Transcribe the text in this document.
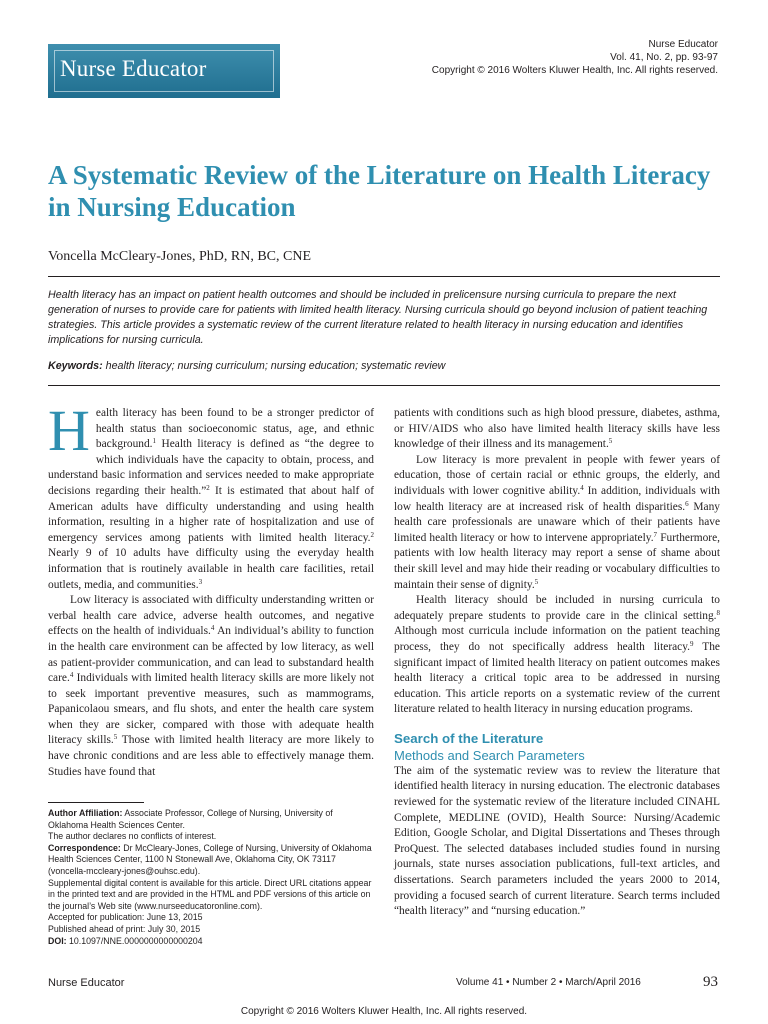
Nurse Educator
Nurse Educator
Vol. 41, No. 2, pp. 93-97
Copyright © 2016 Wolters Kluwer Health, Inc. All rights reserved.
A Systematic Review of the Literature on Health Literacy in Nursing Education
Voncella McCleary-Jones, PhD, RN, BC, CNE
Health literacy has an impact on patient health outcomes and should be included in prelicensure nursing curricula to prepare the next generation of nurses to provide care for patients with limited health literacy. Nursing curricula should go beyond inclusion of patient teaching strategies. This article provides a systematic review of the current literature related to health literacy in nursing education and identifies implications for nursing curricula.
Keywords: health literacy; nursing curriculum; nursing education; systematic review

Health literacy has been found to be a stronger predictor of health status than socioeconomic status, age, and ethnic background.$^1$ Health literacy is defined as “the degree to which individuals have the capacity to obtain, process, and understand basic information and services needed to make appropriate decisions regarding their health.”$^2$ It is estimated that about half of American adults have difficulty understanding and using health information, resulting in a higher rate of hospitalization and use of emergency services among patients with limited health literacy.$^2$ Nearly 9 of 10 adults have difficulty using the everyday health information that is routinely available in health care facilities, retail outlets, media, and communities.$^3$

Low literacy is associated with difficulty understanding written or verbal health care advice, adverse health outcomes, and negative effects on the health of individuals.$^4$ An individual’s ability to function in the health care environment can be affected by low literacy, as well as patient-provider communication, and can lead to substandard health care.$^4$ Individuals with limited health literacy skills are more likely not to seek important preventive measures, such as mammograms, Papanicolaou smears, and flu shots, and enter the health care system when they are sicker, compared with those with adequate health literacy skills.$^5$ Those with limited health literacy are more likely to have chronic conditions and are less able to effectively manage them. Studies have found that

Author Affiliation: Associate Professor, College of Nursing, University of Oklahoma Health Sciences Center.
The author declares no conflicts of interest.
Correspondence: Dr McCleary-Jones, College of Nursing, University of Oklahoma Health Sciences Center, 1100 N Stonewall Ave, Oklahoma City, OK 73117 (voncella-mccleary-jones@ouhsc.edu).
Supplemental digital content is available for this article. Direct URL citations appear in the printed text and are provided in the HTML and PDF versions of this article on the journal’s Web site (www.nurseeducatoronline.com).
Accepted for publication: June 13, 2015
Published ahead of print: July 30, 2015
DOI: 10.1097/NNE.0000000000000204

patients with conditions such as high blood pressure, diabetes, asthma, or HIV/AIDS who also have limited health literacy skills have less knowledge of their illness and its management.$^5$

Low literacy is more prevalent in people with fewer years of education, those of certain racial or ethnic groups, the elderly, and individuals with lower cognitive ability.$^4$ In addition, individuals with low health literacy are at increased risk of health disparities.$^6$ Many health care professionals are unaware which of their patients have limited health literacy or how to intervene appropriately.$^7$ Furthermore, patients with low health literacy may report a sense of shame about their skill level and may hide their reading or vocabulary difficulties to maintain their sense of dignity.$^5$

Health literacy should be included in nursing curricula to adequately prepare students to provide care in the clinical setting.$^8$ Although most curricula include information on the patient teaching process, they do not specifically address health literacy.$^9$ The significant impact of limited health literacy on patient outcomes makes health literacy a critical topic area to be addressed in nursing education. This article reports on a systematic review of the current literature related to health literacy in nursing education programs.

Search of the Literature
Methods and Search Parameters

The aim of the systematic review was to review the literature that identified health literacy in nursing education. The electronic databases reviewed for the systematic review of the literature included CINAHL Complete, MEDLINE (OVID), Health Source: Nursing/Academic Edition, Google Scholar, and Digital Dissertations and Theses through ProQuest. The selected databases included studies found in nursing journals, state nurses association publications, full-text articles, and dissertations. Search parameters included the years 2000 to 2014, providing a focused search of current literature. Search terms included “health literacy” and “nursing education.”

Nurse Educator	Volume 41 • Number 2 • March/April 2016	93
Copyright © 2016 Wolters Kluwer Health, Inc. All rights reserved.
